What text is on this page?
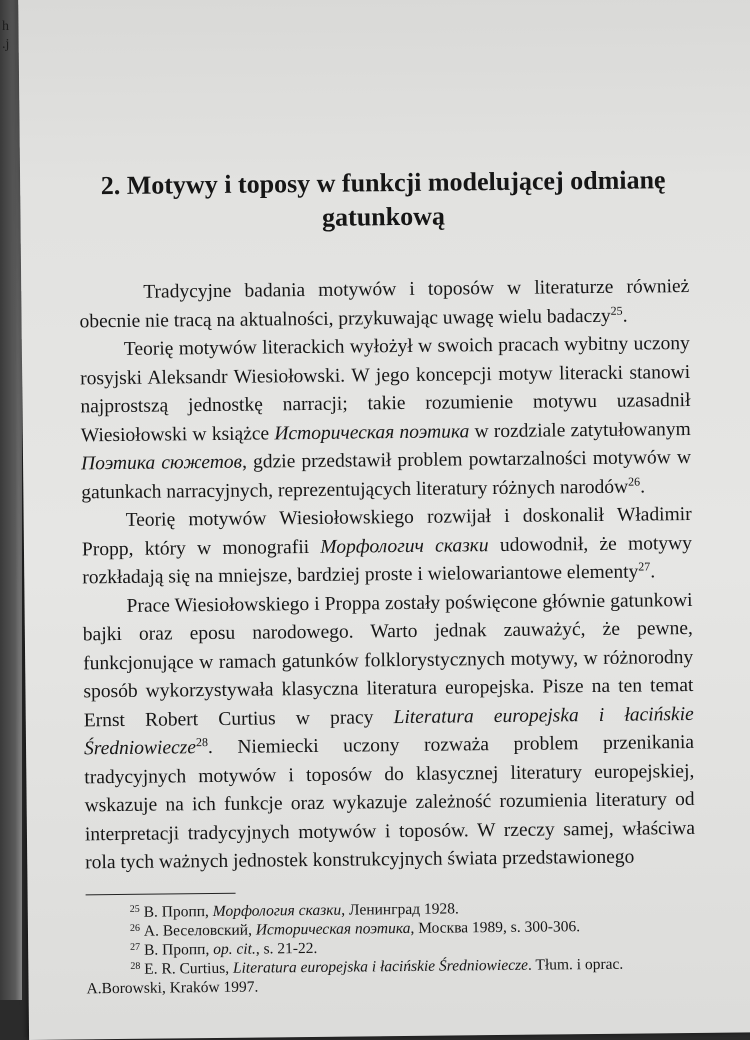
h
.j
​
​
​
​
​
2. Motywy i toposy w funkcji modelującej odmianę
gatunkową

Tradycyjne badania motywów i toposów w literaturze również obecnie nie tracą na aktualności, przykuwając uwagę wielu badaczy$^{25}$.

Teorię motywów literackich wyłożył w swoich pracach wybitny uczony rosyjski Aleksandr Wiesiołowski. W jego koncepcji motyw literacki stanowi najprostszą jednostkę narracji; takie rozumienie motywu uzasadnił Wiesiołowski w książce Историческая поэтика w rozdziale zatytułowanym Поэтика сюжетов, gdzie przedstawił problem powtarzalności motywów w gatunkach narracyjnych, reprezentujących literatury różnych narodów$^{26}$.

Teorię motywów Wiesiołowskiego rozwijał i doskonalił Władimir Propp, który w monografii Морфологич сказки udowodnił, że motywy rozkładają się na mniejsze, bardziej proste i wielowariantowe elementy$^{27}$.

Prace Wiesiołowskiego i Proppa zostały poświęcone głównie gatunkowi bajki oraz eposu narodowego. Warto jednak zauważyć, że pewne, funkcjonujące w ramach gatunków folklorystycznych motywy, w różnorodny sposób wykorzystywała klasyczna literatura europejska. Pisze na ten temat Ernst Robert Curtius w pracy Literatura europejska i łacińskie Średniowiecze$^{28}$. Niemiecki uczony rozważa problem przenikania tradycyjnych motywów i toposów do klasycznej literatury europejskiej, wskazuje na ich funkcje oraz wykazuje zależność rozumienia literatury od interpretacji tradycyjnych motywów i toposów. W rzeczy samej, właściwa rola tych ważnych jednostek konstrukcyjnych świata przedstawionego

$^{25}$ В. Пропп, Морфология сказки, Ленинград 1928.

$^{26}$ А. Веселовский, Историческая поэтика, Москва 1989, s. 300-306.

$^{27}$ В. Пропп, op. cit., s. 21-22.

$^{28}$ E. R. Curtius, Literatura europejska i łacińskie Średniowiecze. Tłum. i oprac. A.Borowski, Kraków 1997.
